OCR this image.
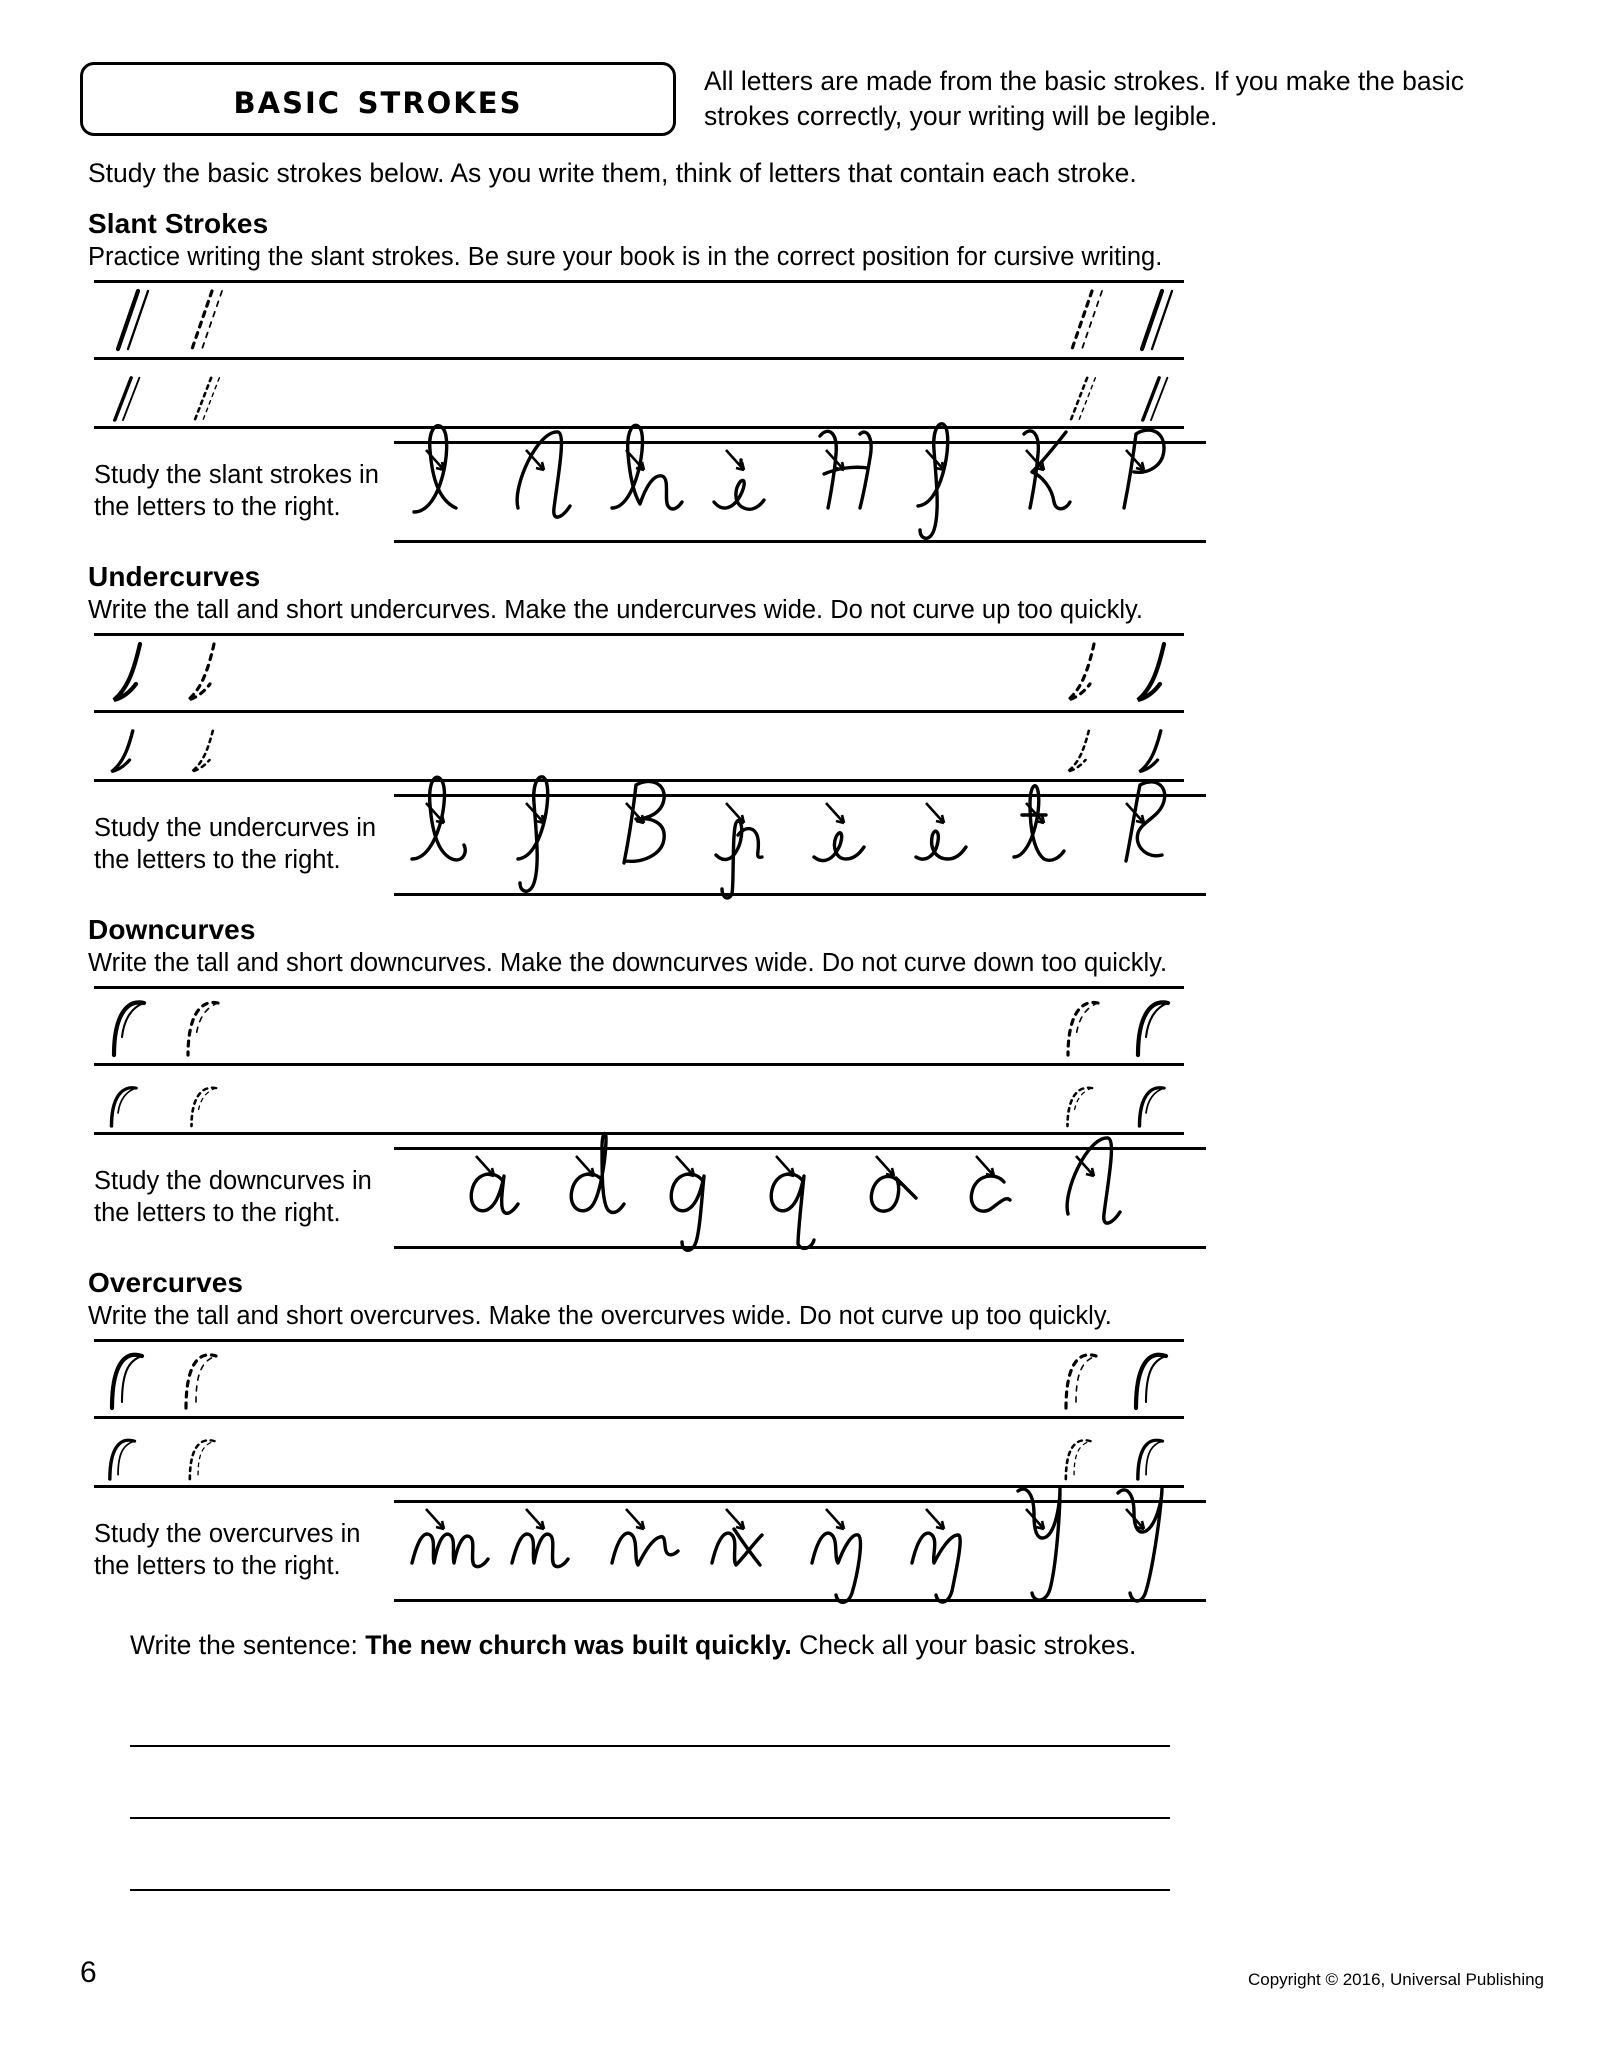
basic strokes	All letters are made from the basic strokes. If you make the basic strokes correctly, your writing will be legible.
Study the basic strokes below. As you write them, think of letters that contain each stroke.
Slant Strokes
Practice writing the slant strokes. Be sure your book is in the correct position for cursive writing.
Study the slant strokes in
the letters to the right.
Undercurves
Write the tall and short undercurves. Make the undercurves wide. Do not curve up too quickly.
Study the undercurves in
the letters to the right.
Downcurves
Write the tall and short downcurves. Make the downcurves wide. Do not curve down too quickly.
Study the downcurves in
the letters to the right.
Overcurves
Write the tall and short overcurves. Make the overcurves wide. Do not curve up too quickly.
Study the overcurves in
the letters to the right.
Write the sentence: The new church was built quickly. Check all your basic strokes.
6	Copyright © 2016, Universal Publishing
